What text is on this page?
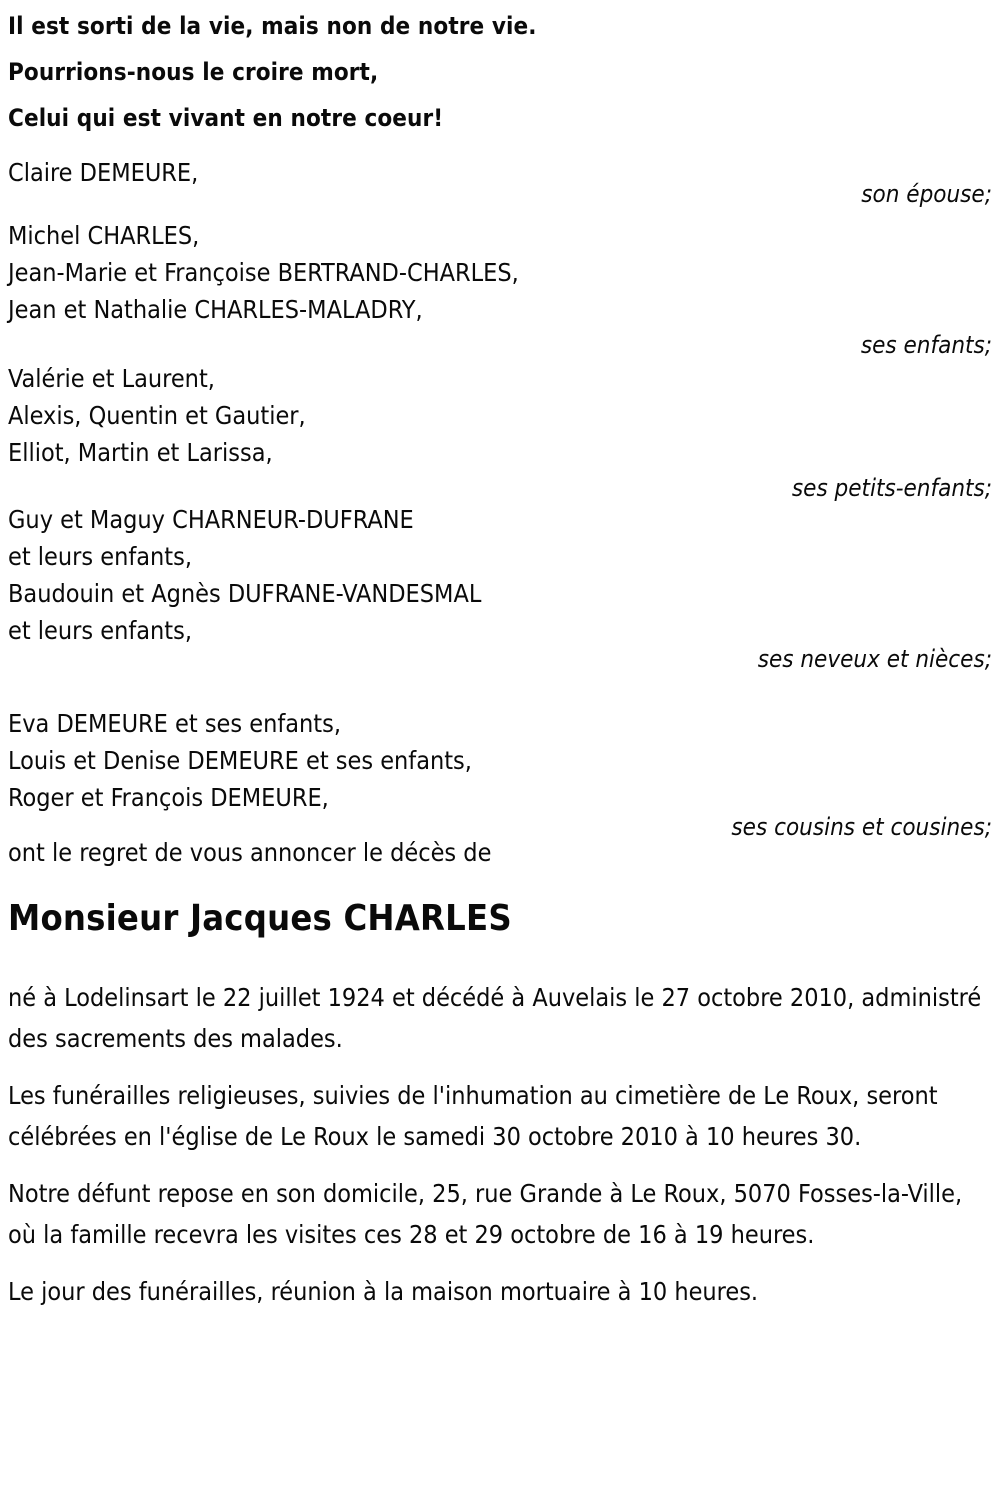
Il est sorti de la vie, mais non de notre vie.
Pourrions-nous le croire mort,
Celui qui est vivant en notre coeur!
Claire DEMEURE,
son épouse;
Michel CHARLES,
Jean-Marie et Françoise BERTRAND-CHARLES,
Jean et Nathalie CHARLES-MALADRY,
ses enfants;
Valérie et Laurent,
Alexis, Quentin et Gautier,
Elliot, Martin et Larissa,
ses petits-enfants;
Guy et Maguy CHARNEUR-DUFRANE
et leurs enfants,
Baudouin et Agnès DUFRANE-VANDESMAL
et leurs enfants,
ses neveux et nièces;
Eva DEMEURE et ses enfants,
Louis et Denise DEMEURE et ses enfants,
Roger et François DEMEURE,
ses cousins et cousines;
ont le regret de vous annoncer le décès de
Monsieur Jacques CHARLES

né à Lodelinsart le 22 juillet 1924 et décédé à Auvelais le 27 octobre 2010, administré des sacrements des malades.

Les funérailles religieuses, suivies de l'inhumation au cimetière de Le Roux, seront célébrées en l'église de Le Roux le samedi 30 octobre 2010 à 10 heures 30.

Notre défunt repose en son domicile, 25, rue Grande à Le Roux, 5070 Fosses-la-Ville, où la famille recevra les visites ces 28 et 29 octobre de 16 à 19 heures.

Le jour des funérailles, réunion à la maison mortuaire à 10 heures.
